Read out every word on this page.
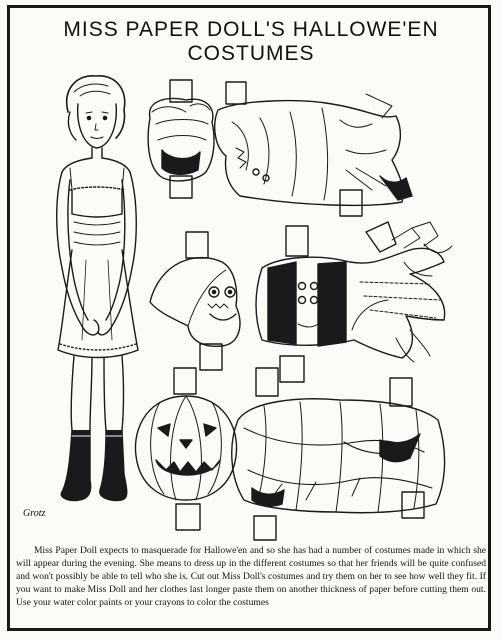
MISS PAPER DOLL'S HALLOWE'EN
COSTUMES
Grotz

Miss Paper Doll expects to masquerade for Hallowe'en and so she has had a number of costumes made in which she will appear during the evening. She means to dress up in the different costumes so that her friends will be quite confused and won't possibly be able to tell who she is. Cut out Miss Doll's costumes and try them on her to see how well they fit. If you want to make Miss Doll and her clothes last longer paste them on another thickness of paper before cutting them out. Use your water color paints or your crayons to color the costumes
